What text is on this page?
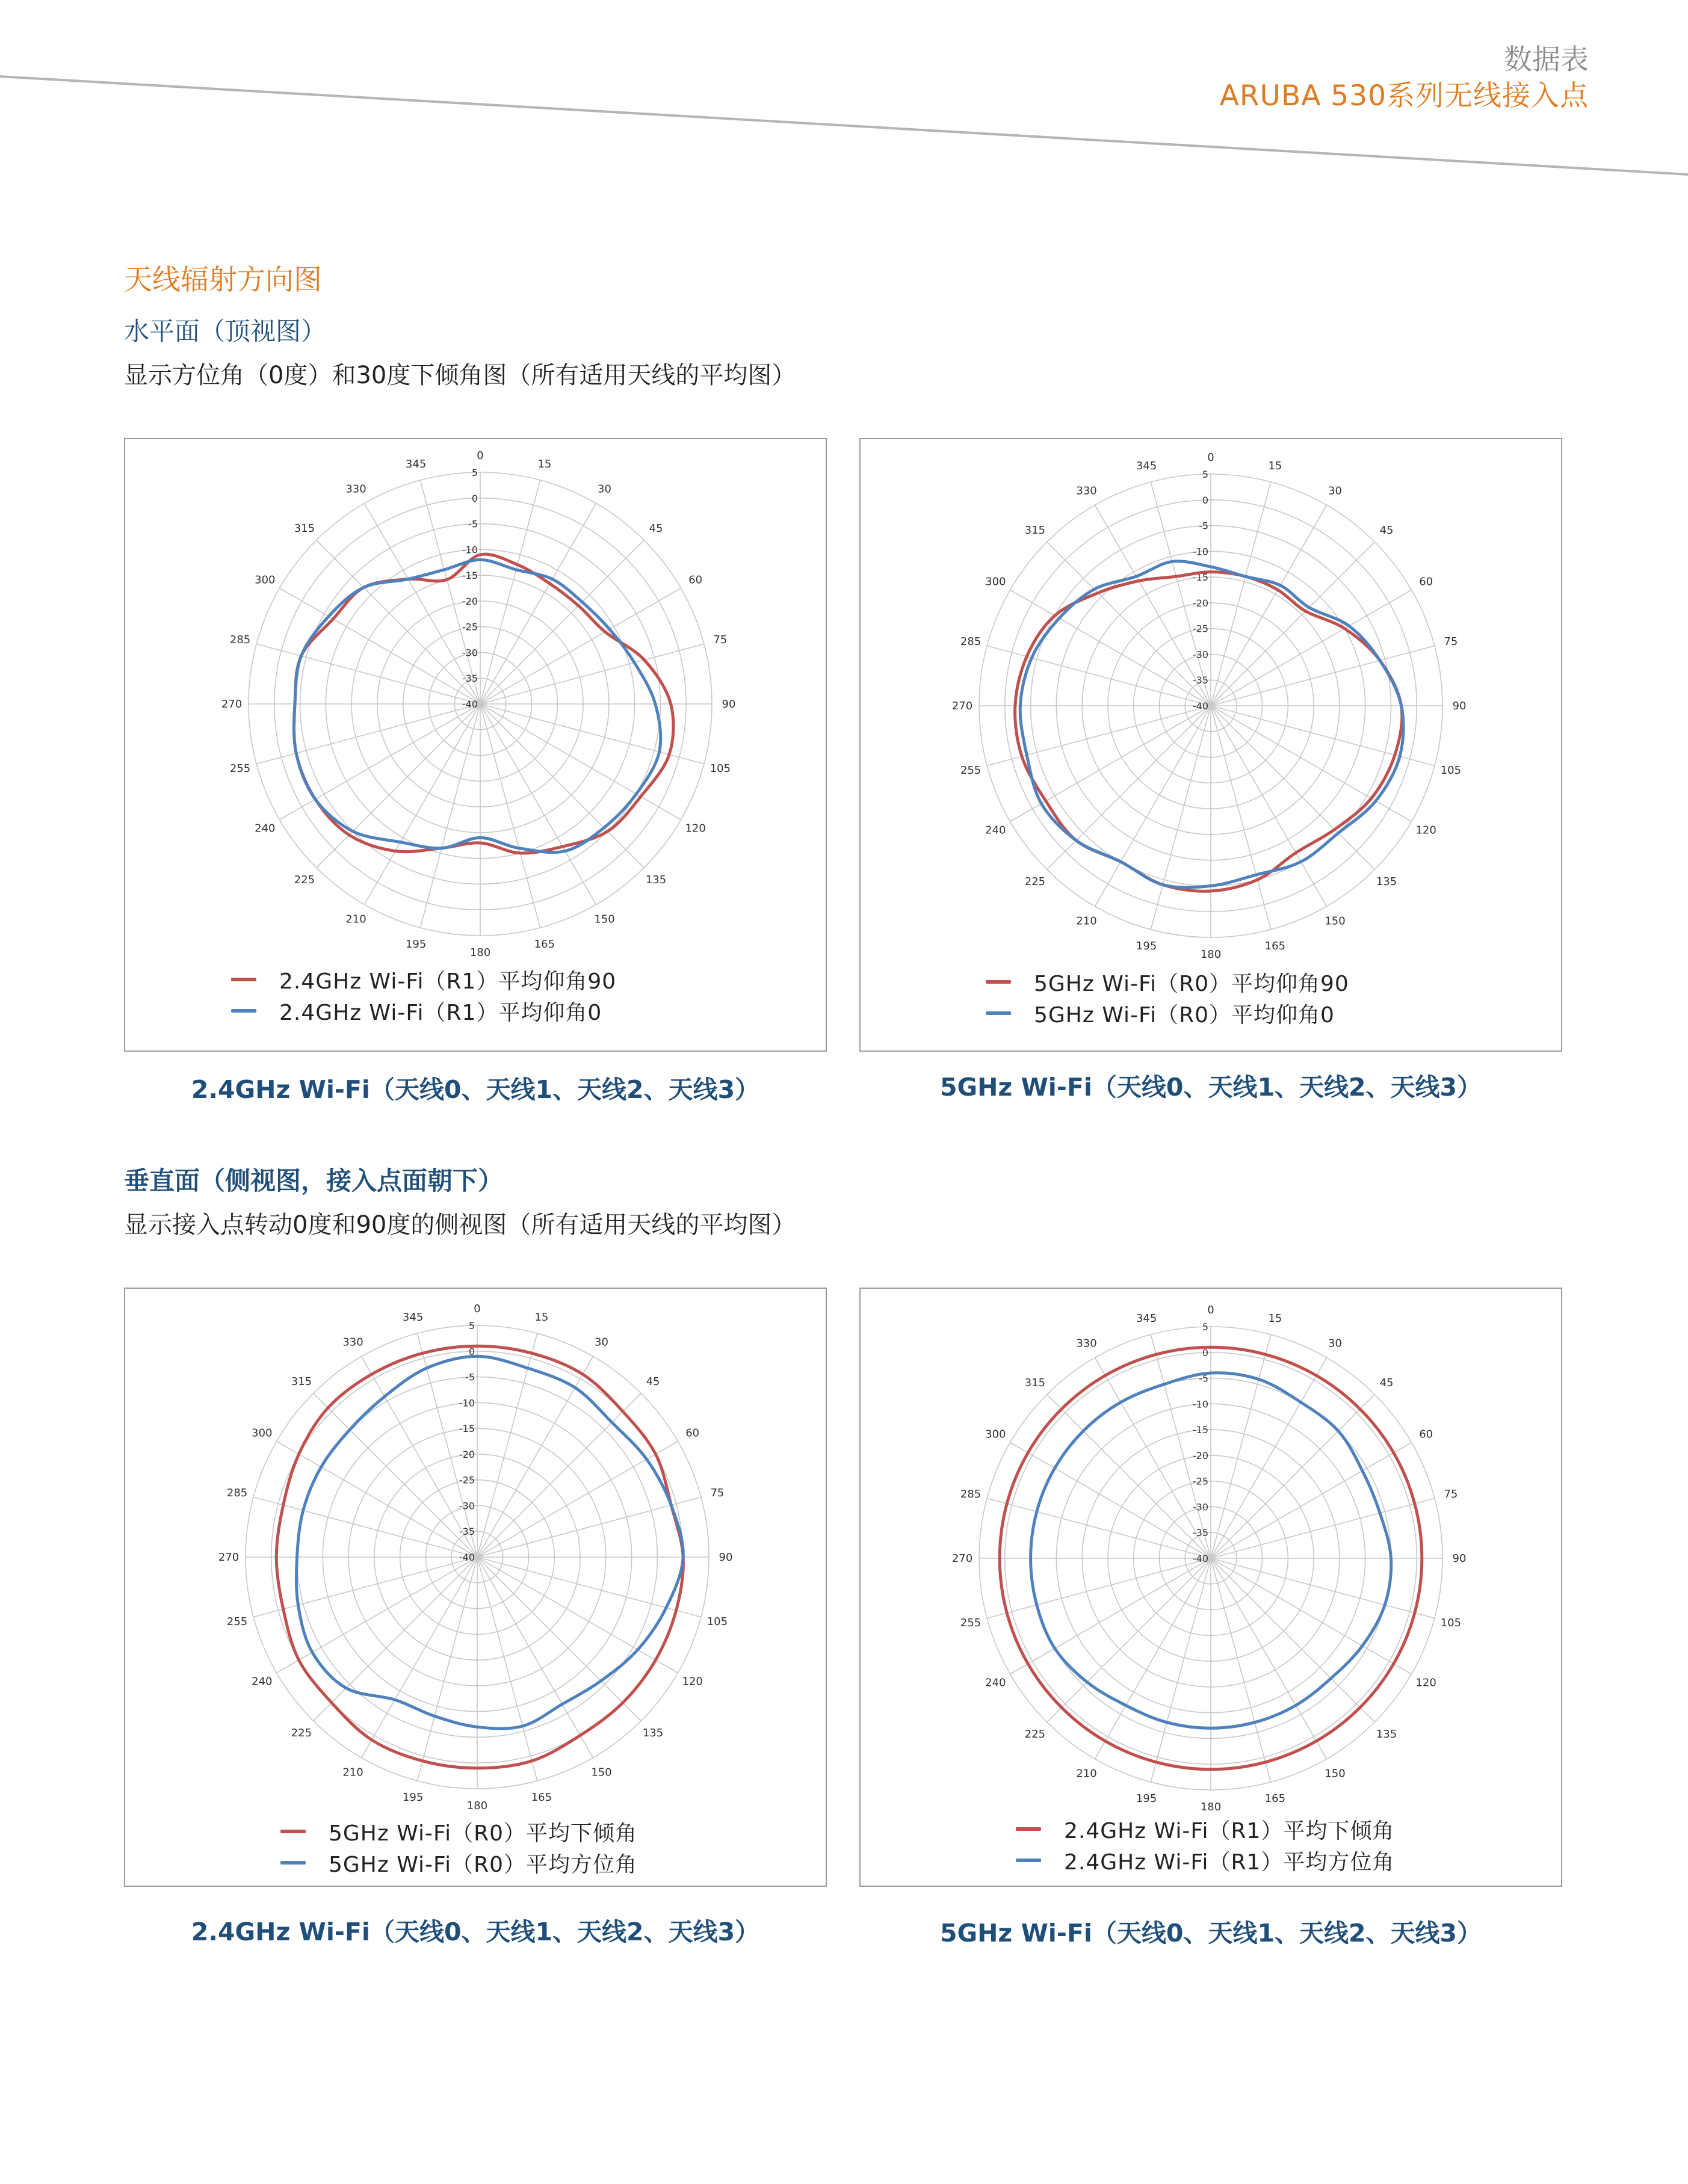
数据表
ARUBA 530系列无线接入点
天线辐射方向图
水平面（顶视图）
显示方位角（0度）和30度下倾角图（所有适用天线的平均图）
0
15
30
45
60
75
90
105
120
135
150
165
180
195
210
225
240
255
270
285
300
315
330
345
5
0
-5
-10
-15
-20
-25
-30
-35
-40
2.4GHz Wi-Fi（R1）平均仰角90
2.4GHz Wi-Fi（R1）平均仰角0
2.4GHz Wi-Fi（天线0、天线1、天线2、天线3）
0
15
30
45
60
75
90
105
120
135
150
165
180
195
210
225
240
255
270
285
300
315
330
345
5
0
-5
-10
-15
-20
-25
-30
-35
-40
5GHz Wi-Fi（R0）平均仰角90
5GHz Wi-Fi（R0）平均仰角0
5GHz Wi-Fi（天线0、天线1、天线2、天线3）
垂直面（侧视图，接入点面朝下）
显示接入点转动0度和90度的侧视图（所有适用天线的平均图）
0
15
30
45
60
75
90
105
120
135
150
165
180
195
210
225
240
255
270
285
300
315
330
345
5
0
-5
-10
-15
-20
-25
-30
-35
-40
5GHz Wi-Fi（R0）平均下倾角
5GHz Wi-Fi（R0）平均方位角
2.4GHz Wi-Fi（天线0、天线1、天线2、天线3）
0
15
30
45
60
75
90
105
120
135
150
165
180
195
210
225
240
255
270
285
300
315
330
345
5
0
-5
-10
-15
-20
-25
-30
-35
-40
2.4GHz Wi-Fi（R1）平均下倾角
2.4GHz Wi-Fi（R1）平均方位角
5GHz Wi-Fi（天线0、天线1、天线2、天线3）
